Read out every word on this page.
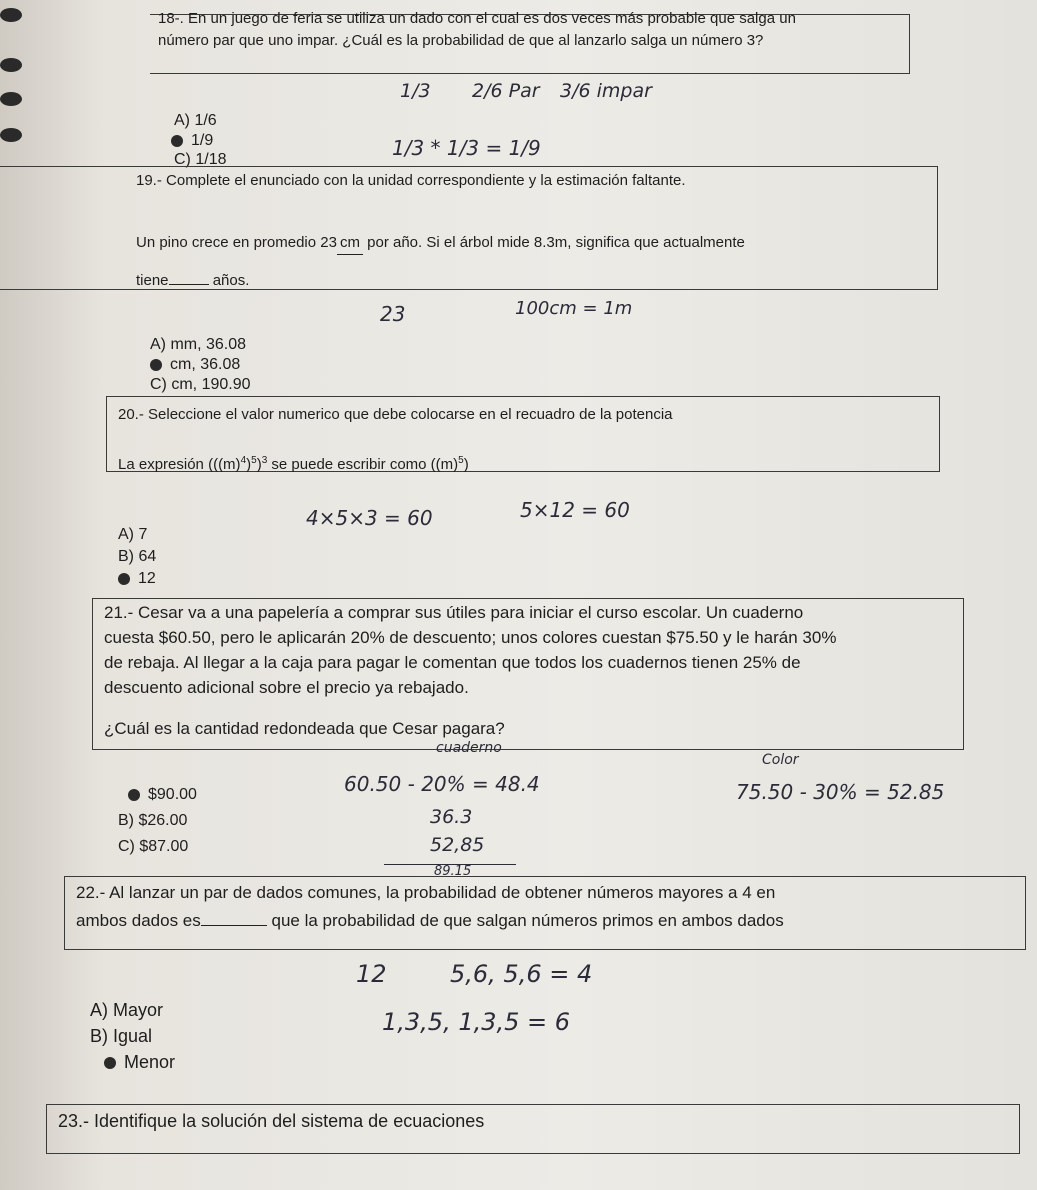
18-. En un juego de feria se utiliza un dado con el cual es dos veces más probable que salga un
número par que uno impar. ¿Cuál es la probabilidad de que al lanzarlo salga un número 3?
A) 1/6
1/9
C) 1/18
1/3 2/6 Par 3/6 impar
1/3 * 1/3 = 1/9
19.- Complete el enunciado con la unidad correspondiente y la estimación faltante.
Un pino crece en promedio 23 cm por año. Si el árbol mide 8.3m, significa que actualmente
tiene	años.
23	100cm = 1m
A) mm, 36.08
cm, 36.08
C) cm, 190.90
20.- Seleccione el valor numerico que debe colocarse en el recuadro de la potencia
La expresión $(((m)^4)^5)^3$ se puede escribir como $((m)^5)$
4×5×3 = 60	5×12 = 60
A) 7
B) 64
12
21.- Cesar va a una papelería a comprar sus útiles para iniciar el curso escolar. Un cuaderno
cuesta $60.50, pero le aplicarán 20% de descuento; unos colores cuestan $75.50 y le harán 30%
de rebaja. Al llegar a la caja para pagar le comentan que todos los cuadernos tienen 25% de
descuento adicional sobre el precio ya rebajado.
¿Cuál es la cantidad redondeada que Cesar pagara?
cuaderno
Color
60.50 - 20% = 48.4	75.50 - 30% = 52.85
36.3
52,85
89.15
$90.00
B) $26.00
C) $87.00
22.- Al lanzar un par de dados comunes, la probabilidad de obtener números mayores a 4 en
ambos dados es	que la probabilidad de que salgan números primos en ambos dados
12	5,6, 5,6 = 4
1,3,5, 1,3,5 = 6
A) Mayor
B) Igual
Menor
23.- Identifique la solución del sistema de ecuaciones
